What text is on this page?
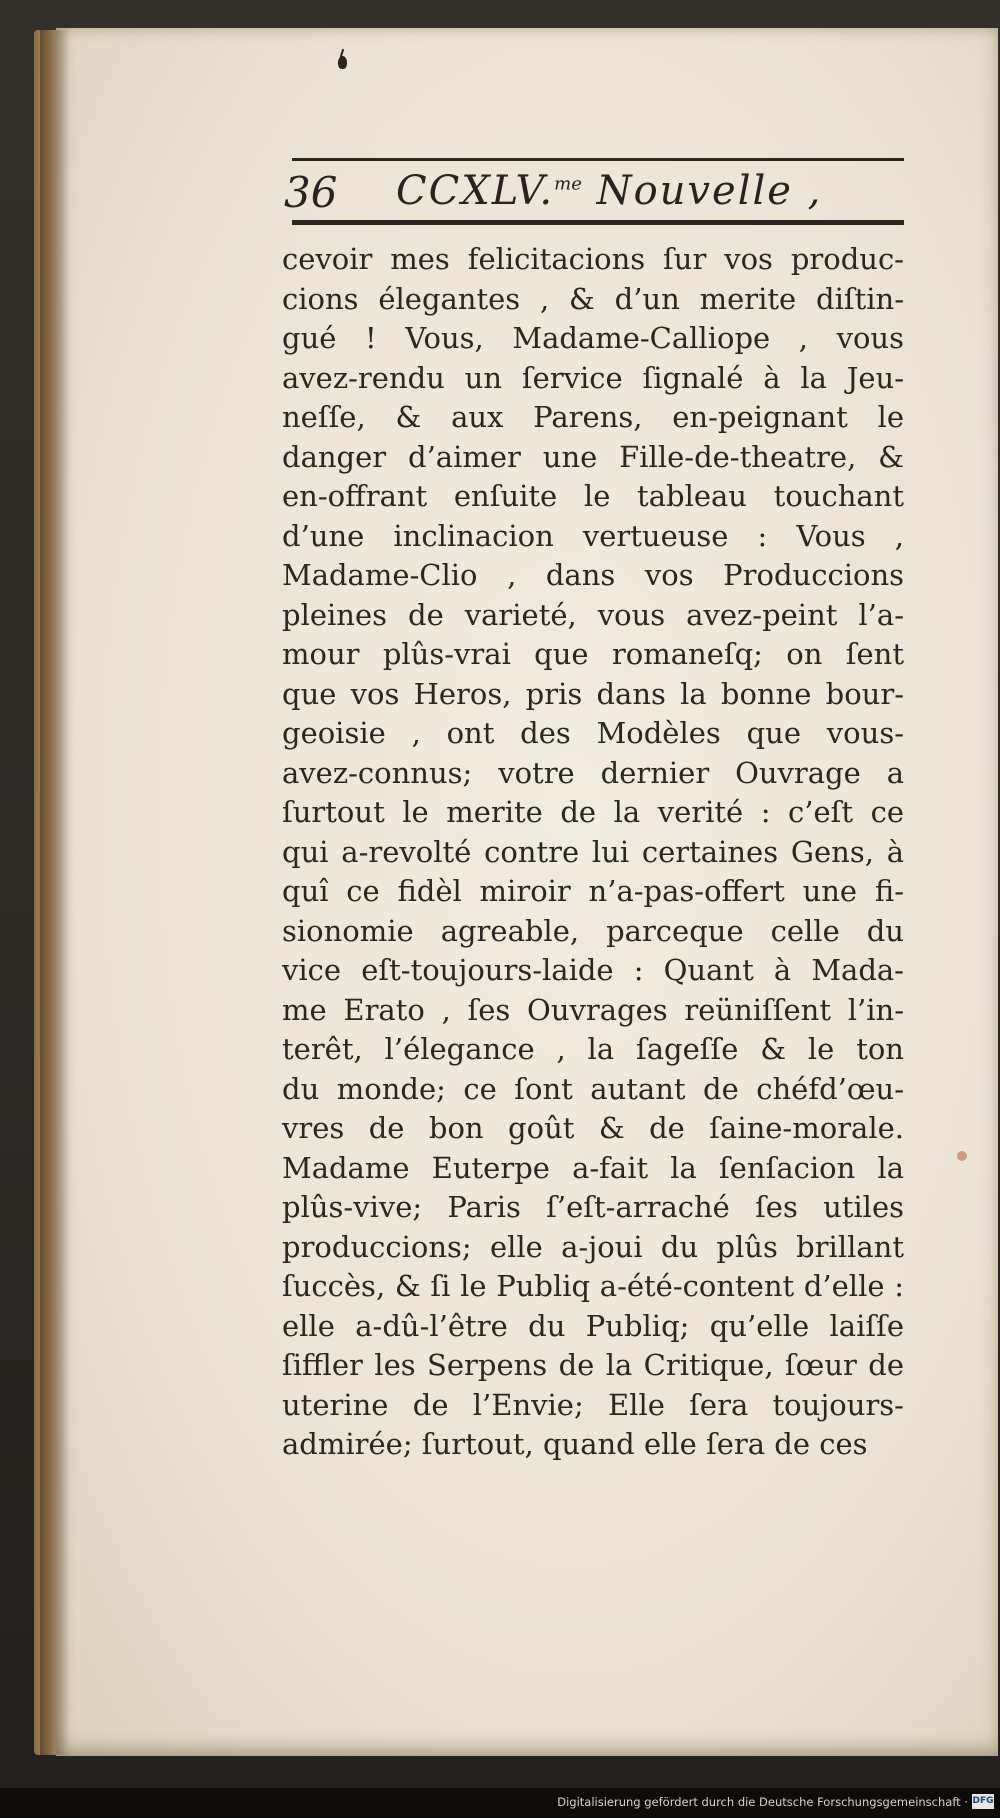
36 CCXLV.$^{me}$ Nouvelle ,
cevoir mes felicitacions ſur vos produc-
cions élegantes , & d’un merite diſtin-
gué ! Vous, Madame-Calliope , vous
avez-rendu un ſervice ſignalé à la Jeu-
neſſe, & aux Parens, en-peignant le
danger d’aimer une Fille-de-theatre, &
en-offrant enſuite le tableau touchant
d’une inclinacion vertueuse : Vous ,
Madame-Clio , dans vos Produccions
pleines de varieté, vous avez-peint l’a-
mour plûs-vrai que romaneſq; on ſent
que vos Heros, pris dans la bonne bour-
geoisie , ont des Modèles que vous-
avez-connus; votre dernier Ouvrage a
ſurtout le merite de la verité : c’eſt ce
qui a-revolté contre lui certaines Gens, à
quî ce fidèl miroir n’a-pas-offert une fi-
sionomie agreable, parceque celle du
vice eſt-toujours-laide : Quant à Mada-
me Erato , ſes Ouvrages reüniſſent l’in-
terêt, l’élegance , la ſageſſe & le ton
du monde; ce ſont autant de chéfd’œu-
vres de bon goût & de ſaine-morale.
Madame Euterpe a-fait la ſenſacion la
plûs-vive; Paris ſ’eſt-arraché ſes utiles
produccions; elle a-joui du plûs brillant
ſuccès, & ſi le Publiq a-été-content d’elle :
elle a-dû-l’être du Publiq; qu’elle laiſſe
ſiffler les Serpens de la Critique, ſœur de
uterine de l’Envie; Elle ſera toujours-
admirée; ſurtout, quand elle ſera de ces
Digitalisierung gefördert durch die Deutsche Forschungsgemeinschaft · DFG
